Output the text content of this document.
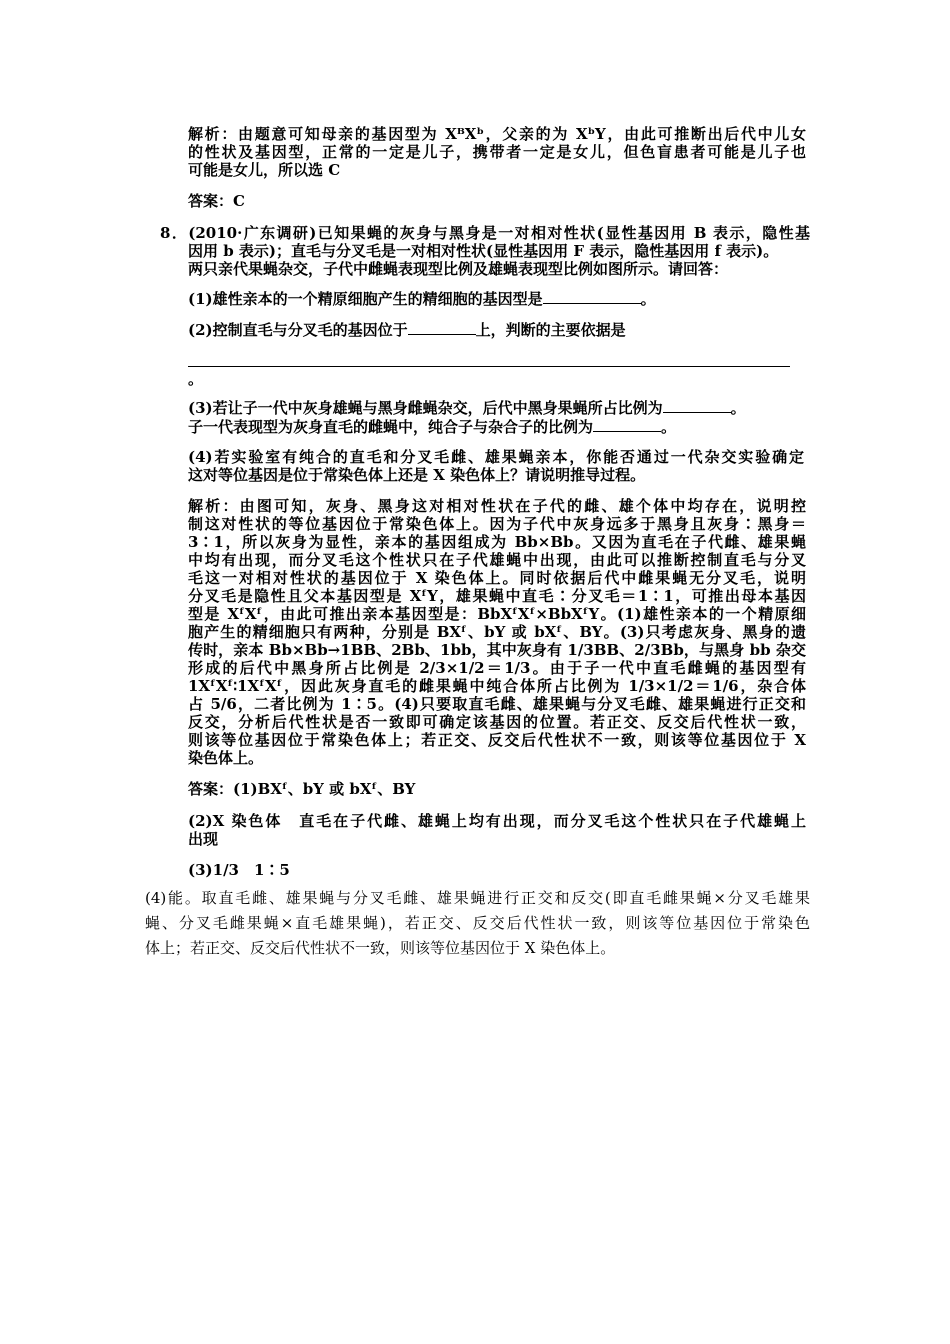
解析：由题意可知母亲的基因型为 XᴮXᵇ，父亲的为 XᵇY，由此可推断出后代中儿女
的性状及基因型，正常的一定是儿子，携带者一定是女儿，但色盲患者可能是儿子也
可能是女儿，所以选 C
答案：C
8．(2010·广东调研)已知果蝇的灰身与黑身是一对相对性状(显性基因用 B 表示，隐性基
因用 b 表示)；直毛与分叉毛是一对相对性状(显性基因用 F 表示，隐性基因用 f 表示)。
两只亲代果蝇杂交，子代中雌蝇表现型比例及雄蝇表现型比例如图所示。请回答：
(1)雄性亲本的一个精原细胞产生的精细胞的基因型是	。
(2)控制直毛与分叉毛的基因位于	上，判断的主要依据是
。
(3)若让子一代中灰身雄蝇与黑身雌蝇杂交，后代中黑身果蝇所占比例为	。
子一代表现型为灰身直毛的雌蝇中，纯合子与杂合子的比例为	。
(4)若实验室有纯合的直毛和分叉毛雌、雄果蝇亲本，你能否通过一代杂交实验确定
这对等位基因是位于常染色体上还是 X 染色体上？请说明推导过程。
解析：由图可知，灰身、黑身这对相对性状在子代的雌、雄个体中均存在，说明控
制这对性状的等位基因位于常染色体上。因为子代中灰身远多于黑身且灰身∶黑身＝
3∶1，所以灰身为显性，亲本的基因组成为 Bb×Bb。又因为直毛在子代雌、雄果蝇
中均有出现，而分叉毛这个性状只在子代雄蝇中出现，由此可以推断控制直毛与分叉
毛这一对相对性状的基因位于 X 染色体上。同时依据后代中雌果蝇无分叉毛，说明
分叉毛是隐性且父本基因型是 XᶠY，雄果蝇中直毛∶分叉毛＝1∶1，可推出母本基因
型是 XᶠXᶠ，由此可推出亲本基因型是：BbXᶠXᶠ×BbXᶠY。(1)雄性亲本的一个精原细
胞产生的精细胞只有两种，分别是 BXᶠ、bY 或 bXᶠ、BY。(3)只考虑灰身、黑身的遗
传时，亲本 Bb×Bb→1BB、2Bb、1bb，其中灰身有 1/3BB、2/3Bb，与黑身 bb 杂交
形成的后代中黑身所占比例是 2/3×1/2＝1/3。由于子一代中直毛雌蝇的基因型有
1XᶠXᶠ∶1XᶠXᶠ，因此灰身直毛的雌果蝇中纯合体所占比例为 1/3×1/2＝1/6，杂合体
占 5/6，二者比例为 1∶5。(4)只要取直毛雌、雄果蝇与分叉毛雌、雄果蝇进行正交和
反交，分析后代性状是否一致即可确定该基因的位置。若正交、反交后代性状一致，
则该等位基因位于常染色体上；若正交、反交后代性状不一致，则该等位基因位于 X
染色体上。
答案：(1)BXᶠ、bY 或 bXᶠ、BY
(2)X 染色体　直毛在子代雌、雄蝇上均有出现，而分叉毛这个性状只在子代雄蝇上
出现
(3)1/3　1∶5
(4)能。取直毛雌、雄果蝇与分叉毛雌、雄果蝇进行正交和反交(即直毛雌果蝇×分叉毛雄果
蝇、分叉毛雌果蝇×直毛雄果蝇)，若正交、反交后代性状一致，则该等位基因位于常染色
体上；若正交、反交后代性状不一致，则该等位基因位于 X 染色体上。
